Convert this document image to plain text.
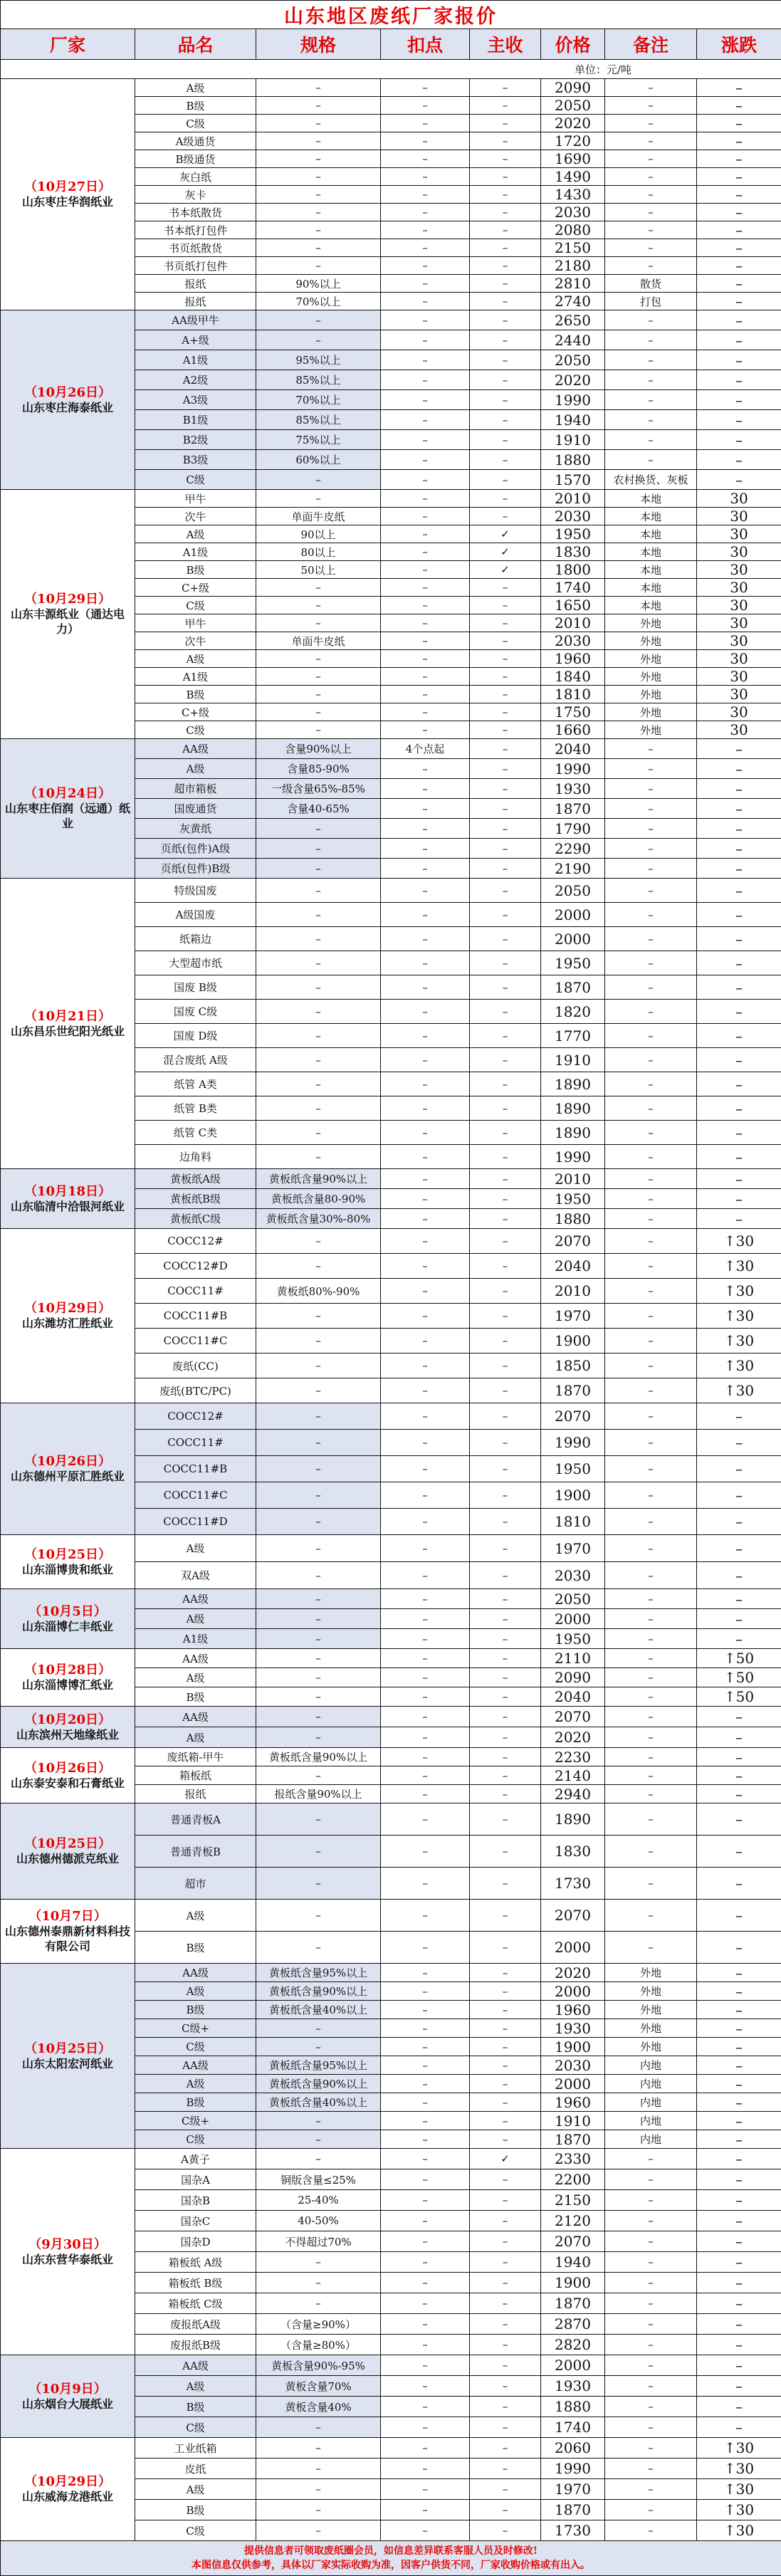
山东地区废纸厂家报价							
厂家	品名	规格	扣点	主收	价格	备注	涨跌
单位：元/吨							

（10月27日）
山东枣庄华润纸业	A级	–	–	–	2090	–	–
	B级	–	–	–	2050	–	–
	C级	–	–	–	2020	–	–
	A级通货	–	–	–	1720	–	–
	B级通货	–	–	–	1690	–	–
	灰白纸	–	–	–	1490	–	–
	灰卡	–	–	–	1430	–	–
	书本纸散货	–	–	–	2030	–	–
	书本纸打包件	–	–	–	2080	–	–
	书页纸散货	–	–	–	2150	–	–
	书页纸打包件	–	–	–	2180	–	–
	报纸	90%以上	–	–	2810	散货	–
	报纸	70%以上	–	–	2740	打包	–

（10月26日）
山东枣庄海泰纸业	AA级甲牛	–	–	–	2650	–	–
	A+级	–	–	–	2440	–	–
	A1级	95%以上	–	–	2050	–	–
	A2级	85%以上	–	–	2020	–	–
	A3级	70%以上	–	–	1990	–	–
	B1级	85%以上	–	–	1940	–	–
	B2级	75%以上	–	–	1910	–	–
	B3级	60%以上	–	–	1880	–	–
	C级	–	–	–	1570	农村换货、灰板	–

（10月29日）
山东丰源纸业（通达电力）	甲牛	–	–	–	2010	本地	30
	次牛	单面牛皮纸	–	–	2030	本地	30
	A级	90以上	–	✓	1950	本地	30
	A1级	80以上	–	✓	1830	本地	30
	B级	50以上	–	✓	1800	本地	30
	C+级	–	–	–	1740	本地	30
	C级	–	–	–	1650	本地	30
	甲牛	–	–	–	2010	外地	30
	次牛	单面牛皮纸	–	–	2030	外地	30
	A级	–	–	–	1960	外地	30
	A1级	–	–	–	1840	外地	30
	B级	–	–	–	1810	外地	30
	C+级	–	–	–	1750	外地	30
	C级	–	–	–	1660	外地	30

（10月24日）
山东枣庄佰润（远通）纸业	AA级	含量90%以上	4个点起	–	2040	–	–
	A级	含量85-90%	–	–	1990	–	–
	超市箱板	一级含量65%-85%	–	–	1930	–	–
	国废通货	含量40-65%	–	–	1870	–	–
	灰黄纸	–	–	–	1790	–	–
	页纸(包件)A级	–	–	–	2290	–	–
	页纸(包件)B级	–	–	–	2190	–	–

（10月21日）
山东昌乐世纪阳光纸业	特级国废	–	–	–	2050	–	–
	A级国废	–	–	–	2000	–	–
	纸箱边	–	–	–	2000	–	–
	大型超市纸	–	–	–	1950	–	–
	国废 B级	–	–	–	1870	–	–
	国废 C级	–	–	–	1820	–	–
	国废 D级	–	–	–	1770	–	–
	混合废纸 A级	–	–	–	1910	–	–
	纸管 A类	–	–	–	1890	–	–
	纸管 B类	–	–	–	1890	–	–
	纸管 C类	–	–	–	1890	–	–
	边角料	–	–	–	1990	–	–

（10月18日）
山东临清中洽银河纸业	黄板纸A级	黄板纸含量90%以上	–	–	2010	–	–
	黄板纸B级	黄板纸含量80-90%	–	–	1950	–	–
	黄板纸C级	黄板纸含量30%-80%	–	–	1880	–	–

（10月29日）
山东潍坊汇胜纸业	COCC12#	–	–	–	2070	–	↑30
	COCC12#D	–	–	–	2040	–	↑30
	COCC11#	黄板纸80%-90%	–	–	2010	–	↑30
	COCC11#B	–	–	–	1970	–	↑30
	COCC11#C	–	–	–	1900	–	↑30
	废纸(CC)	–	–	–	1850	–	↑30
	废纸(BTC/PC)	–	–	–	1870	–	↑30

（10月26日）
山东德州平原汇胜纸业	COCC12#	–	–	–	2070	–	–
	COCC11#	–	–	–	1990	–	–
	COCC11#B	–	–	–	1950	–	–
	COCC11#C	–	–	–	1900	–	–
	COCC11#D	–	–	–	1810	–	–

（10月25日）
山东淄博贵和纸业	A级	–	–	–	1970	–	–
	双A级	–	–	–	2030	–	–

（10月5日）
山东淄博仁丰纸业	AA级	–	–	–	2050	–	–
	A级	–	–	–	2000	–	–
	A1级	–	–	–	1950	–	–

（10月28日）
山东淄博博汇纸业	AA级	–	–	–	2110	–	↑50
	A级	–	–	–	2090	–	↑50
	B级	–	–	–	2040	–	↑50

（10月20日）
山东滨州天地缘纸业	AA级	–	–	–	2070	–	–
	A级	–	–	–	2020	–	–

（10月26日）
山东泰安泰和石膏纸业	废纸箱-甲牛	黄板纸含量90%以上	–	–	2230	–	–
	箱板纸	–	–	–	2140	–	–
	报纸	报纸含量90%以上	–	–	2940	–	–

（10月25日）
山东德州德派克纸业	普通青板A	–	–	–	1890	–	–
	普通青板B	–	–	–	1830	–	–
	超市	–	–	–	1730	–	–

（10月7日）
山东德州泰鼎新材料科技有限公司	A级	–	–	–	2070	–	–
	B级	–	–	–	2000	–	–

（10月25日）
山东太阳宏河纸业	AA级	黄板纸含量95%以上	–	–	2020	外地	–
	A级	黄板纸含量90%以上	–	–	2000	外地	–
	B级	黄板纸含量40%以上	–	–	1960	外地	–
	C级+	–	–	–	1930	外地	–
	C级	–	–	–	1900	外地	–
	AA级	黄板纸含量95%以上	–	–	2030	内地	–
	A级	黄板纸含量90%以上	–	–	2000	内地	–
	B级	黄板纸含量40%以上	–	–	1960	内地	–
	C级+	–	–	–	1910	内地	–
	C级	–	–	–	1870	内地	–

（9月30日）
山东东营华泰纸业	A黄子	–	–	✓	2330	–	–
	国杂A	铜版含量≤25%	–	–	2200	–	–
	国杂B	25-40%	–	–	2150	–	–
	国杂C	40-50%	–	–	2120	–	–
	国杂D	不得超过70%	–	–	2070	–	–
	箱板纸 A级	–	–	–	1940	–	–
	箱板纸 B级	–	–	–	1900	–	–
	箱板纸 C级	–	–	–	1870	–	–
	废报纸A级	（含量≥90%）	–	–	2870	–	–
	废报纸B级	（含量≥80%）	–	–	2820	–	–

（10月9日）
山东烟台大展纸业	AA级	黄板含量90%-95%	–	–	2000	–	–
	A级	黄板含量70%	–	–	1930	–	–
	B级	黄板含量40%	–	–	1880	–	–
	C级	–	–	–	1740	–	–

（10月29日）
山东威海龙港纸业	工业纸箱	–	–	–	2060	–	↑30
	皮纸	–	–	–	1990	–	↑30
	A级	–	–	–	1970	–	↑30
	B级	–	–	–	1870	–	↑30
	C级	–	–	–	1730	–	↑30

提供信息者可领取废纸圈会员，如信息差异联系客服人员及时修改!
本图信息仅供参考，具体以厂家实际收购为准，因客户供货不同，厂家收购价格或有出入。							
